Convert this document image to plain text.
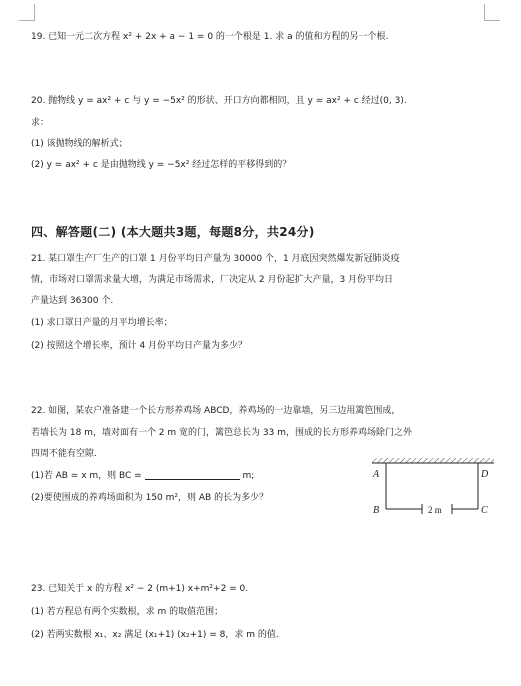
19. 已知一元二次方程 x² + 2x + a − 1 = 0 的一个根是 1. 求 a 的值和方程的另一个根.
20. 抛物线 y = ax² + c 与 y = −5x² 的形状、开口方向都相同，且 y = ax² + c 经过(0, 3).
求：
(1) 该抛物线的解析式；
(2) y = ax² + c 是由抛物线 y = −5x² 经过怎样的平移得到的？
四、解答题(二) (本大题共3题，每题8分，共24分)
21. 某口罩生产厂生产的口罩 1 月份平均日产量为 30000 个，1 月底因突然爆发新冠肺炎疫
情，市场对口罩需求量大增，为满足市场需求，厂决定从 2 月份起扩大产量，3 月份平均日
产量达到 36300 个.
(1) 求口罩日产量的月平均增长率；
(2) 按照这个增长率，预计 4 月份平均日产量为多少？
22. 如图，某农户准备建一个长方形养鸡场 ABCD，养鸡场的一边靠墙，另三边用篱笆围成，
若墙长为 18 m，墙对面有一个 2 m 宽的门，篱笆总长为 33 m，围成的长方形养鸡场除门之外
四周不能有空隙.
(1)若 AB = x m，则 BC =	m;
(2)要使围成的养鸡场面积为 150 m²，则 AB 的长为多少？
A	D
B	C
2 m
23. 已知关于 x 的方程 x² − 2 (m+1) x+m²+2 = 0.
(1) 若方程总有两个实数根，求 m 的取值范围；
(2) 若两实数根 x₁、x₂ 满足 (x₁+1) (x₂+1) = 8，求 m 的值.
